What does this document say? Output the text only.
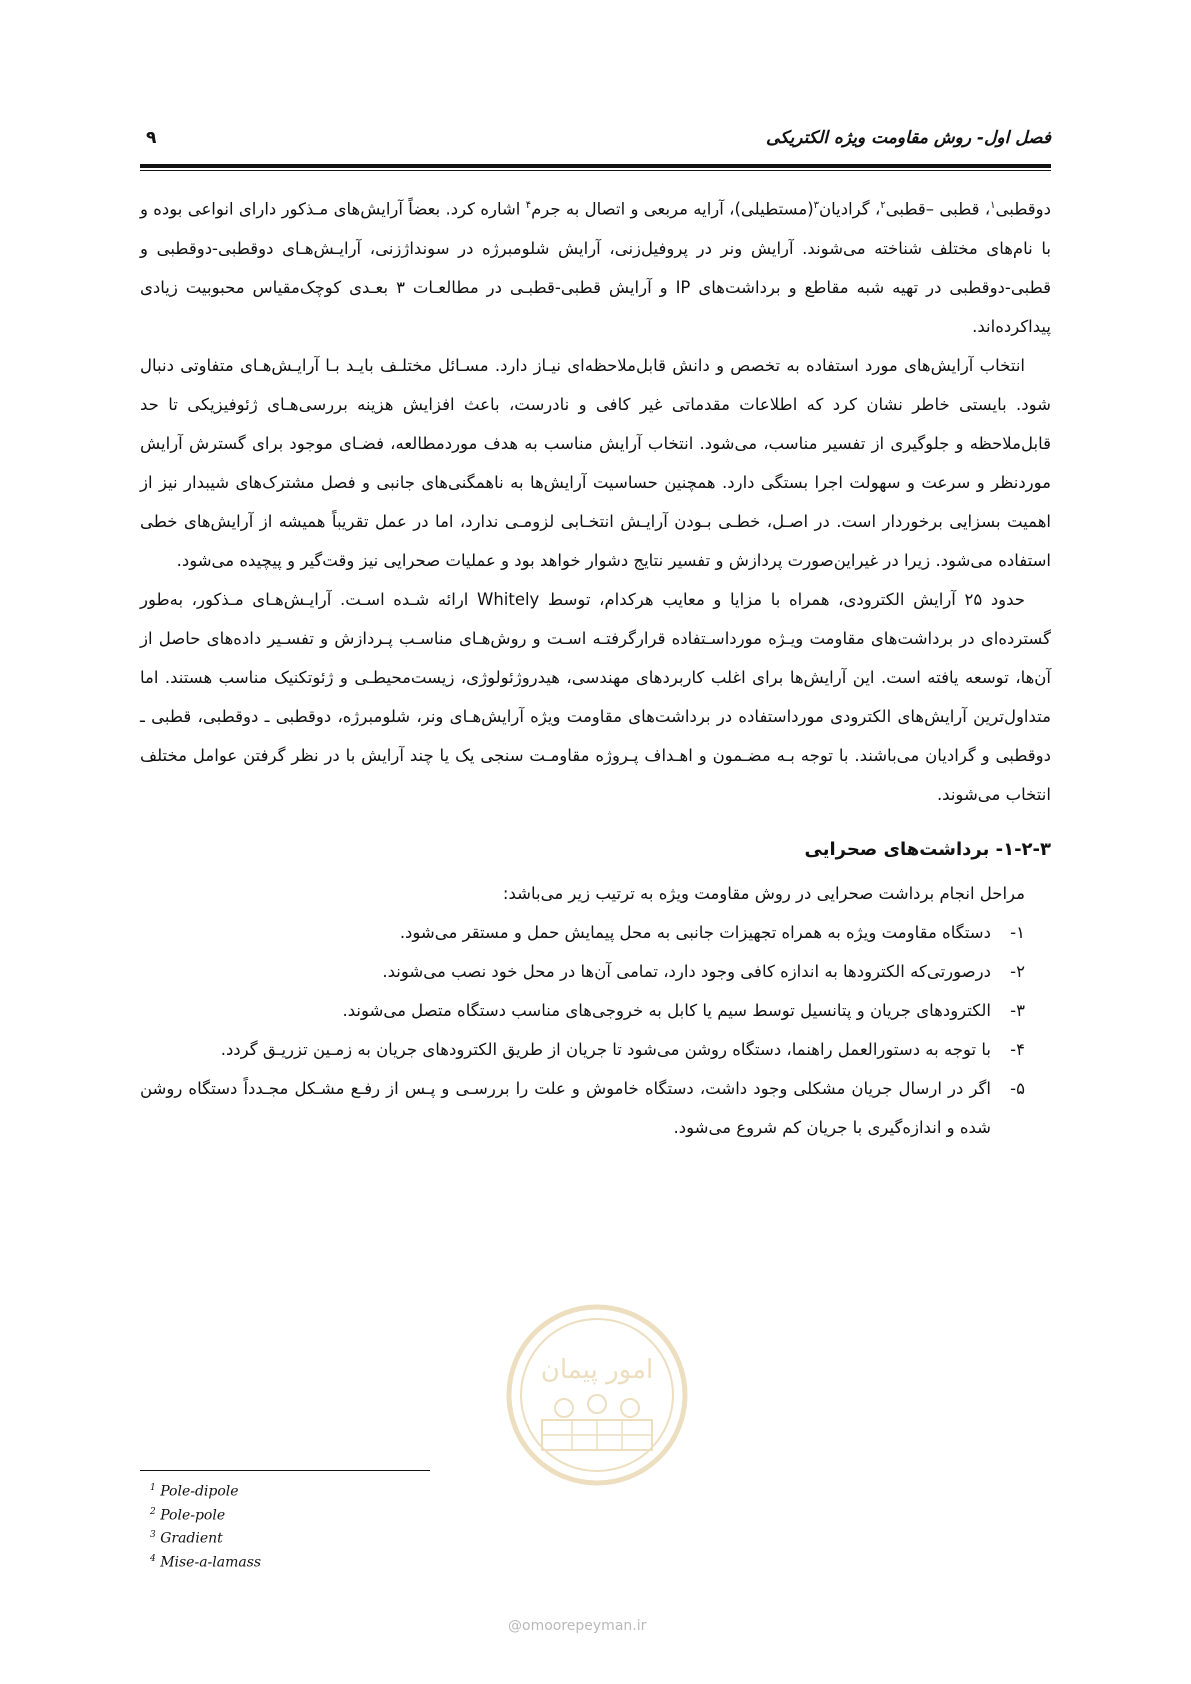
فصل اول- روش مقاومت ویژه الکتریکی
۹

دوقطبی$^۱$، قطبی –قطبی$^۲$، گرادیان$^۳$(مستطیلی)، آرایه مربعی و اتصال به جرم$^۴$ اشاره کرد. بعضاً آرایش‌های مـذکور دارای انواعی بوده و با نام‌های مختلف شناخته می‌شوند. آرایش ونر در پروفیل‌زنی، آرایش شلومبرژه در سونداژزنی، آرایـش‌هـای دوقطبی-دوقطبی و قطبی-دوقطبی در تهیه شبه مقاطع و برداشت‌های IP و آرایش قطبی-قطبـی در مطالعـات ۳ بعـدی کوچک‌مقیاس محبوبیت زیادی پیداکرده‌اند.

انتخاب آرایش‌های مورد استفاده به تخصص و دانش قابل‌ملاحظه‌ای نیـاز دارد. مسـائل مختلـف بایـد بـا آرایـش‌هـای متفاوتی دنبال شود. بایستی خاطر نشان کرد که اطلاعات مقدماتی غیر کافی و نادرست، باعث افزایش هزینه بررسی‌هـای ژئوفیزیکی تا حد قابل‌ملاحظه و جلوگیری از تفسیر مناسب، می‌شود. انتخاب آرایش مناسب به هدف موردمطالعه، فضـای موجود برای گسترش آرایش موردنظر و سرعت و سهولت اجرا بستگی دارد. همچنین حساسیت آرایش‌ها به ناهمگنی‌های جانبی و فصل مشترک‌های شیبدار نیز از اهمیت بسزایی برخوردار است. در اصـل، خطـی بـودن آرایـش انتخـابی لزومـی ندارد، اما در عمل تقریباً همیشه از آرایش‌های خطی استفاده می‌شود. زیرا در غیراین‌صورت پردازش و تفسیر نتایج دشوار خواهد بود و عملیات صحرایی نیز وقت‌گیر و پیچیده می‌شود.

حدود ۲۵ آرایش الکترودی، همراه با مزایا و معایب هرکدام، توسط Whitely ارائه شـده اسـت. آرایـش‌هـای مـذکور، به‌طور گسترده‌ای در برداشت‌های مقاومت ویـژه مورداسـتفاده قرارگرفتـه اسـت و روش‌هـای مناسـب پـردازش و تفسـیر داده‌های حاصل از آن‌ها، توسعه یافته است. این آرایش‌ها برای اغلب کاربردهای مهندسی، هیدروژئولوژی، زیست‌محیطـی و ژئوتکنیک مناسب هستند. اما متداول‌ترین آرایش‌های الکترودی مورداستفاده در برداشت‌های مقاومت ویژه آرایش‌هـای ونر، شلومبرژه، دوقطبی ـ دوقطبی، قطبی ـ دوقطبی و گرادیان می‌باشند. با توجه بـه مضـمون و اهـداف پـروژه مقاومـت سنجی یک یا چند آرایش با در نظر گرفتن عوامل مختلف انتخاب می‌شوند.

۱-۲-۳- برداشت‌های صحرایی

مراحل انجام برداشت صحرایی در روش مقاومت ویژه به ترتیب زیر می‌باشد:

۱-
دستگاه مقاومت ویژه به همراه تجهیزات جانبی به محل پیمایش حمل و مستقر می‌شود.
۲-
درصورتی‌که الکترودها به اندازه کافی وجود دارد، تمامی آن‌ها در محل خود نصب می‌شوند.
۳-
الکترودهای جریان و پتانسیل توسط سیم یا کابل به خروجی‌های مناسب دستگاه متصل می‌شوند.
۴-
با توجه به دستورالعمل راهنما، دستگاه روشن می‌شود تا جریان از طریق الکترودهای جریان به زمـین تزریـق گردد.
۵-
اگر در ارسال جریان مشکلی وجود داشت، دستگاه خاموش و علت را بررسـی و پـس از رفـع مشـکل مجـدداً دستگاه روشن شده و اندازه‌گیری با جریان کم شروع می‌شود.
امور پیمان
@omoorepeyman.ir
$^1$ Pole-dipole
$^2$ Pole-pole
$^3$ Gradient
$^4$ Mise-a-lamass
